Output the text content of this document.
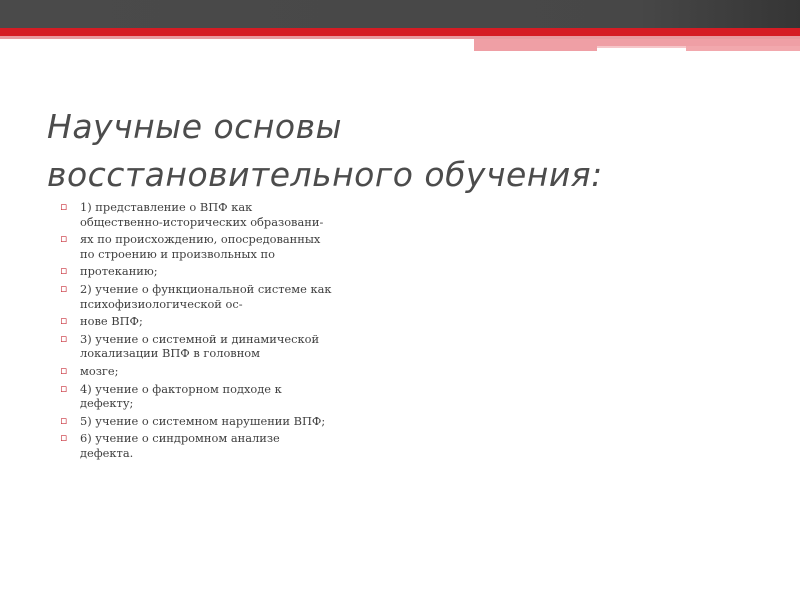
Научные основы
восстановительного обучения:
▫ 1) представление о ВПФ как
общественно-исторических образовани-
▫ ях по происхождению, опосредованных
по строению и произвольных по
▫ протеканию;
▫ 2) учение о функциональной системе как
психофизиологической ос-
▫ нове ВПФ;
▫ 3) учение о системной и динамической
локализации ВПФ в головном
▫ мозге;
▫ 4) учение о факторном подходе к
дефекту;
▫ 5) учение о системном нарушении ВПФ;
▫ 6) учение о синдромном анализе
дефекта.
